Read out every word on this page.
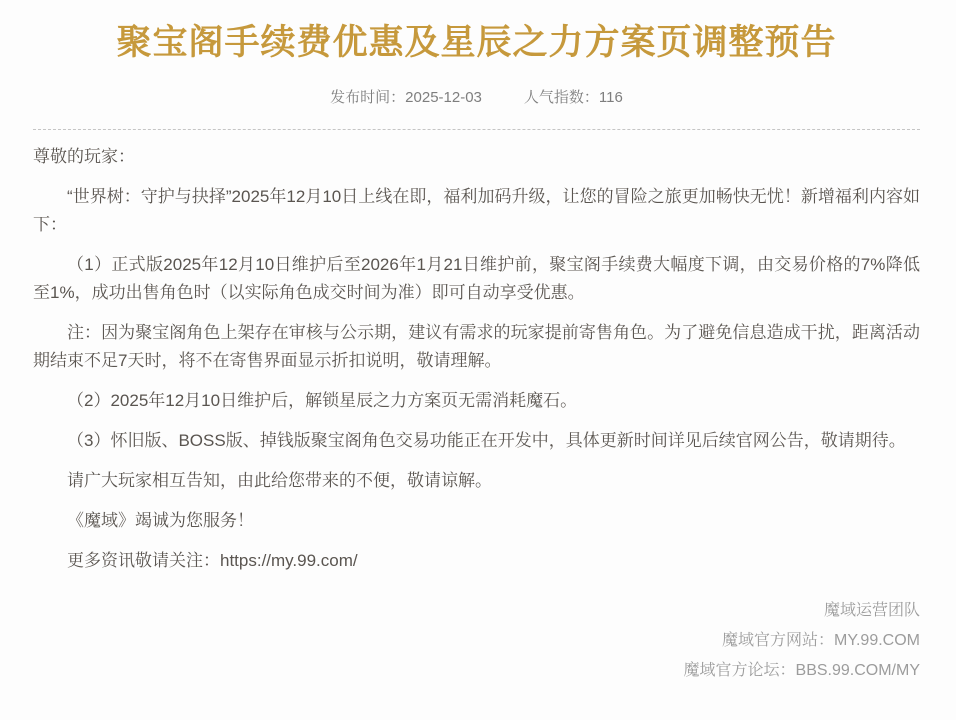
聚宝阁手续费优惠及星辰之力方案页调整预告
发布时间：2025-12-03	人气指数：116

尊敬的玩家：

“世界树：守护与抉择”2025年12月10日上线在即，福利加码升级，让您的冒险之旅更加畅快无忧！新增福利内容如下：

（1）正式版2025年12月10日维护后至2026年1月21日维护前，聚宝阁手续费大幅度下调，由交易价格的7%降低至1%，成功出售角色时（以实际角色成交时间为准）即可自动享受优惠。

注：因为聚宝阁角色上架存在审核与公示期，建议有需求的玩家提前寄售角色。为了避免信息造成干扰，距离活动期结束不足7天时，将不在寄售界面显示折扣说明，敬请理解。

（2）2025年12月10日维护后，解锁星辰之力方案页无需消耗魔石。

（3）怀旧版、BOSS版、掉钱版聚宝阁角色交易功能正在开发中，具体更新时间详见后续官网公告，敬请期待。

请广大玩家相互告知，由此给您带来的不便，敬请谅解。

《魔域》竭诚为您服务！

更多资讯敬请关注：https://my.99.com/

魔域运营团队
魔域官方网站：MY.99.COM
魔域官方论坛：BBS.99.COM/MY
